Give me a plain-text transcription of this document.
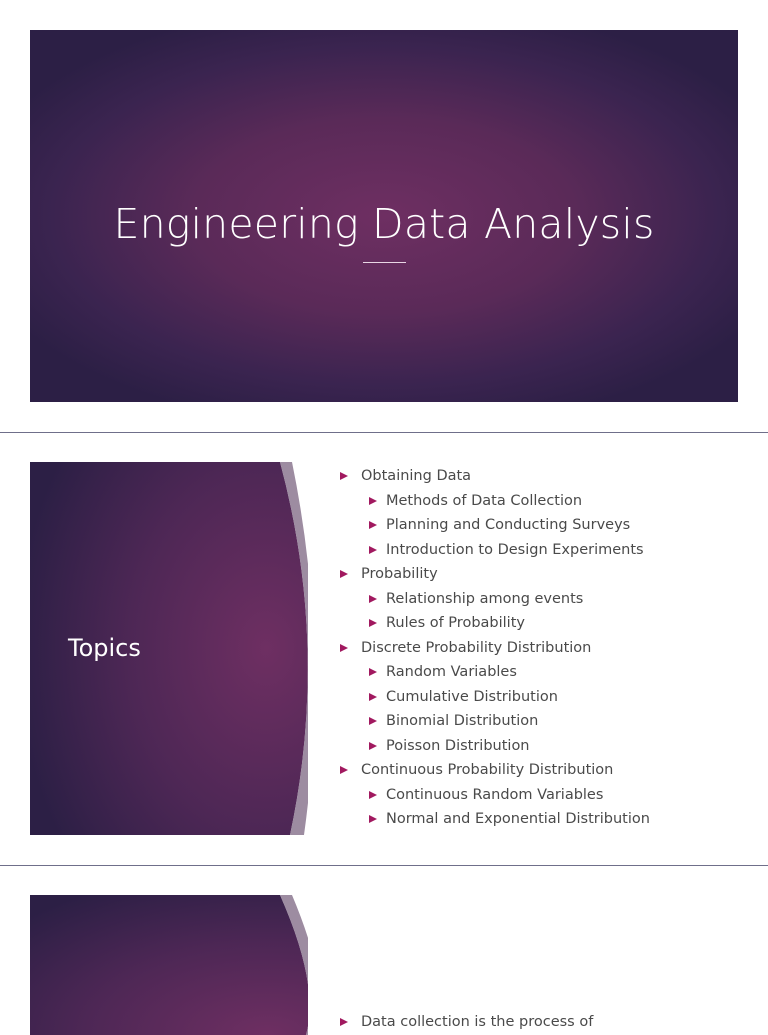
Engineering Data Analysis
Topics
Obtaining Data
Methods of Data Collection
Planning and Conducting Surveys
Introduction to Design Experiments
Probability
Relationship among events
Rules of Probability
Discrete Probability Distribution
Random Variables
Cumulative Distribution
Binomial Distribution
Poisson Distribution
Continuous Probability Distribution
Continuous Random Variables
Normal and Exponential Distribution
Data collection is the process of
